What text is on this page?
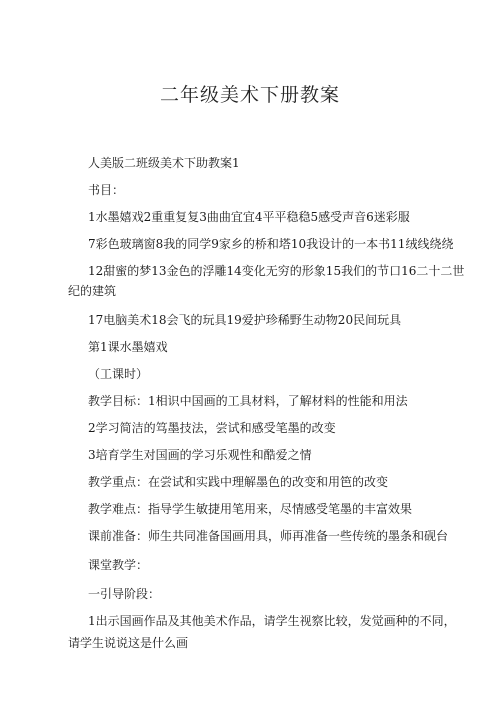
二年级美术下册教案
人美版二班级美术下助教案1
书目：
1水墨嬉戏2重重复复3曲曲宜宜4平平稳稳5感受声音6迷彩服
7彩色玻璃窗8我的同学9家乡的桥和塔10我设计的一本书11绒线绕绕
12甜蜜的梦13金色的浮雕14变化无穷的形象15我们的节口16二十二世
纪的建筑
17电脑美术18会飞的玩具19爱护珍稀野生动物20民间玩具
第1课水墨嬉戏
（工课时）
教学目标：1相识中国画的工具材料，了解材料的性能和用法
2学习简洁的笃墨技法，尝试和感受笔墨的改变
3培育学生对国画的学习乐观性和酷爱之情
教学重点：在尝试和实践中理解墨色的改变和用笆的改变
教学难点：指导学生敏捷用笔用来，尽情感受笔墨的丰富效果
课前准备：师生共同准备国画用具，师再准备一些传统的墨条和砚台
课堂教学：
一引导阶段：
1出示国画作品及其他美术作品，请学生视察比较，发觉画种的不同，
请学生说说这是什么画
